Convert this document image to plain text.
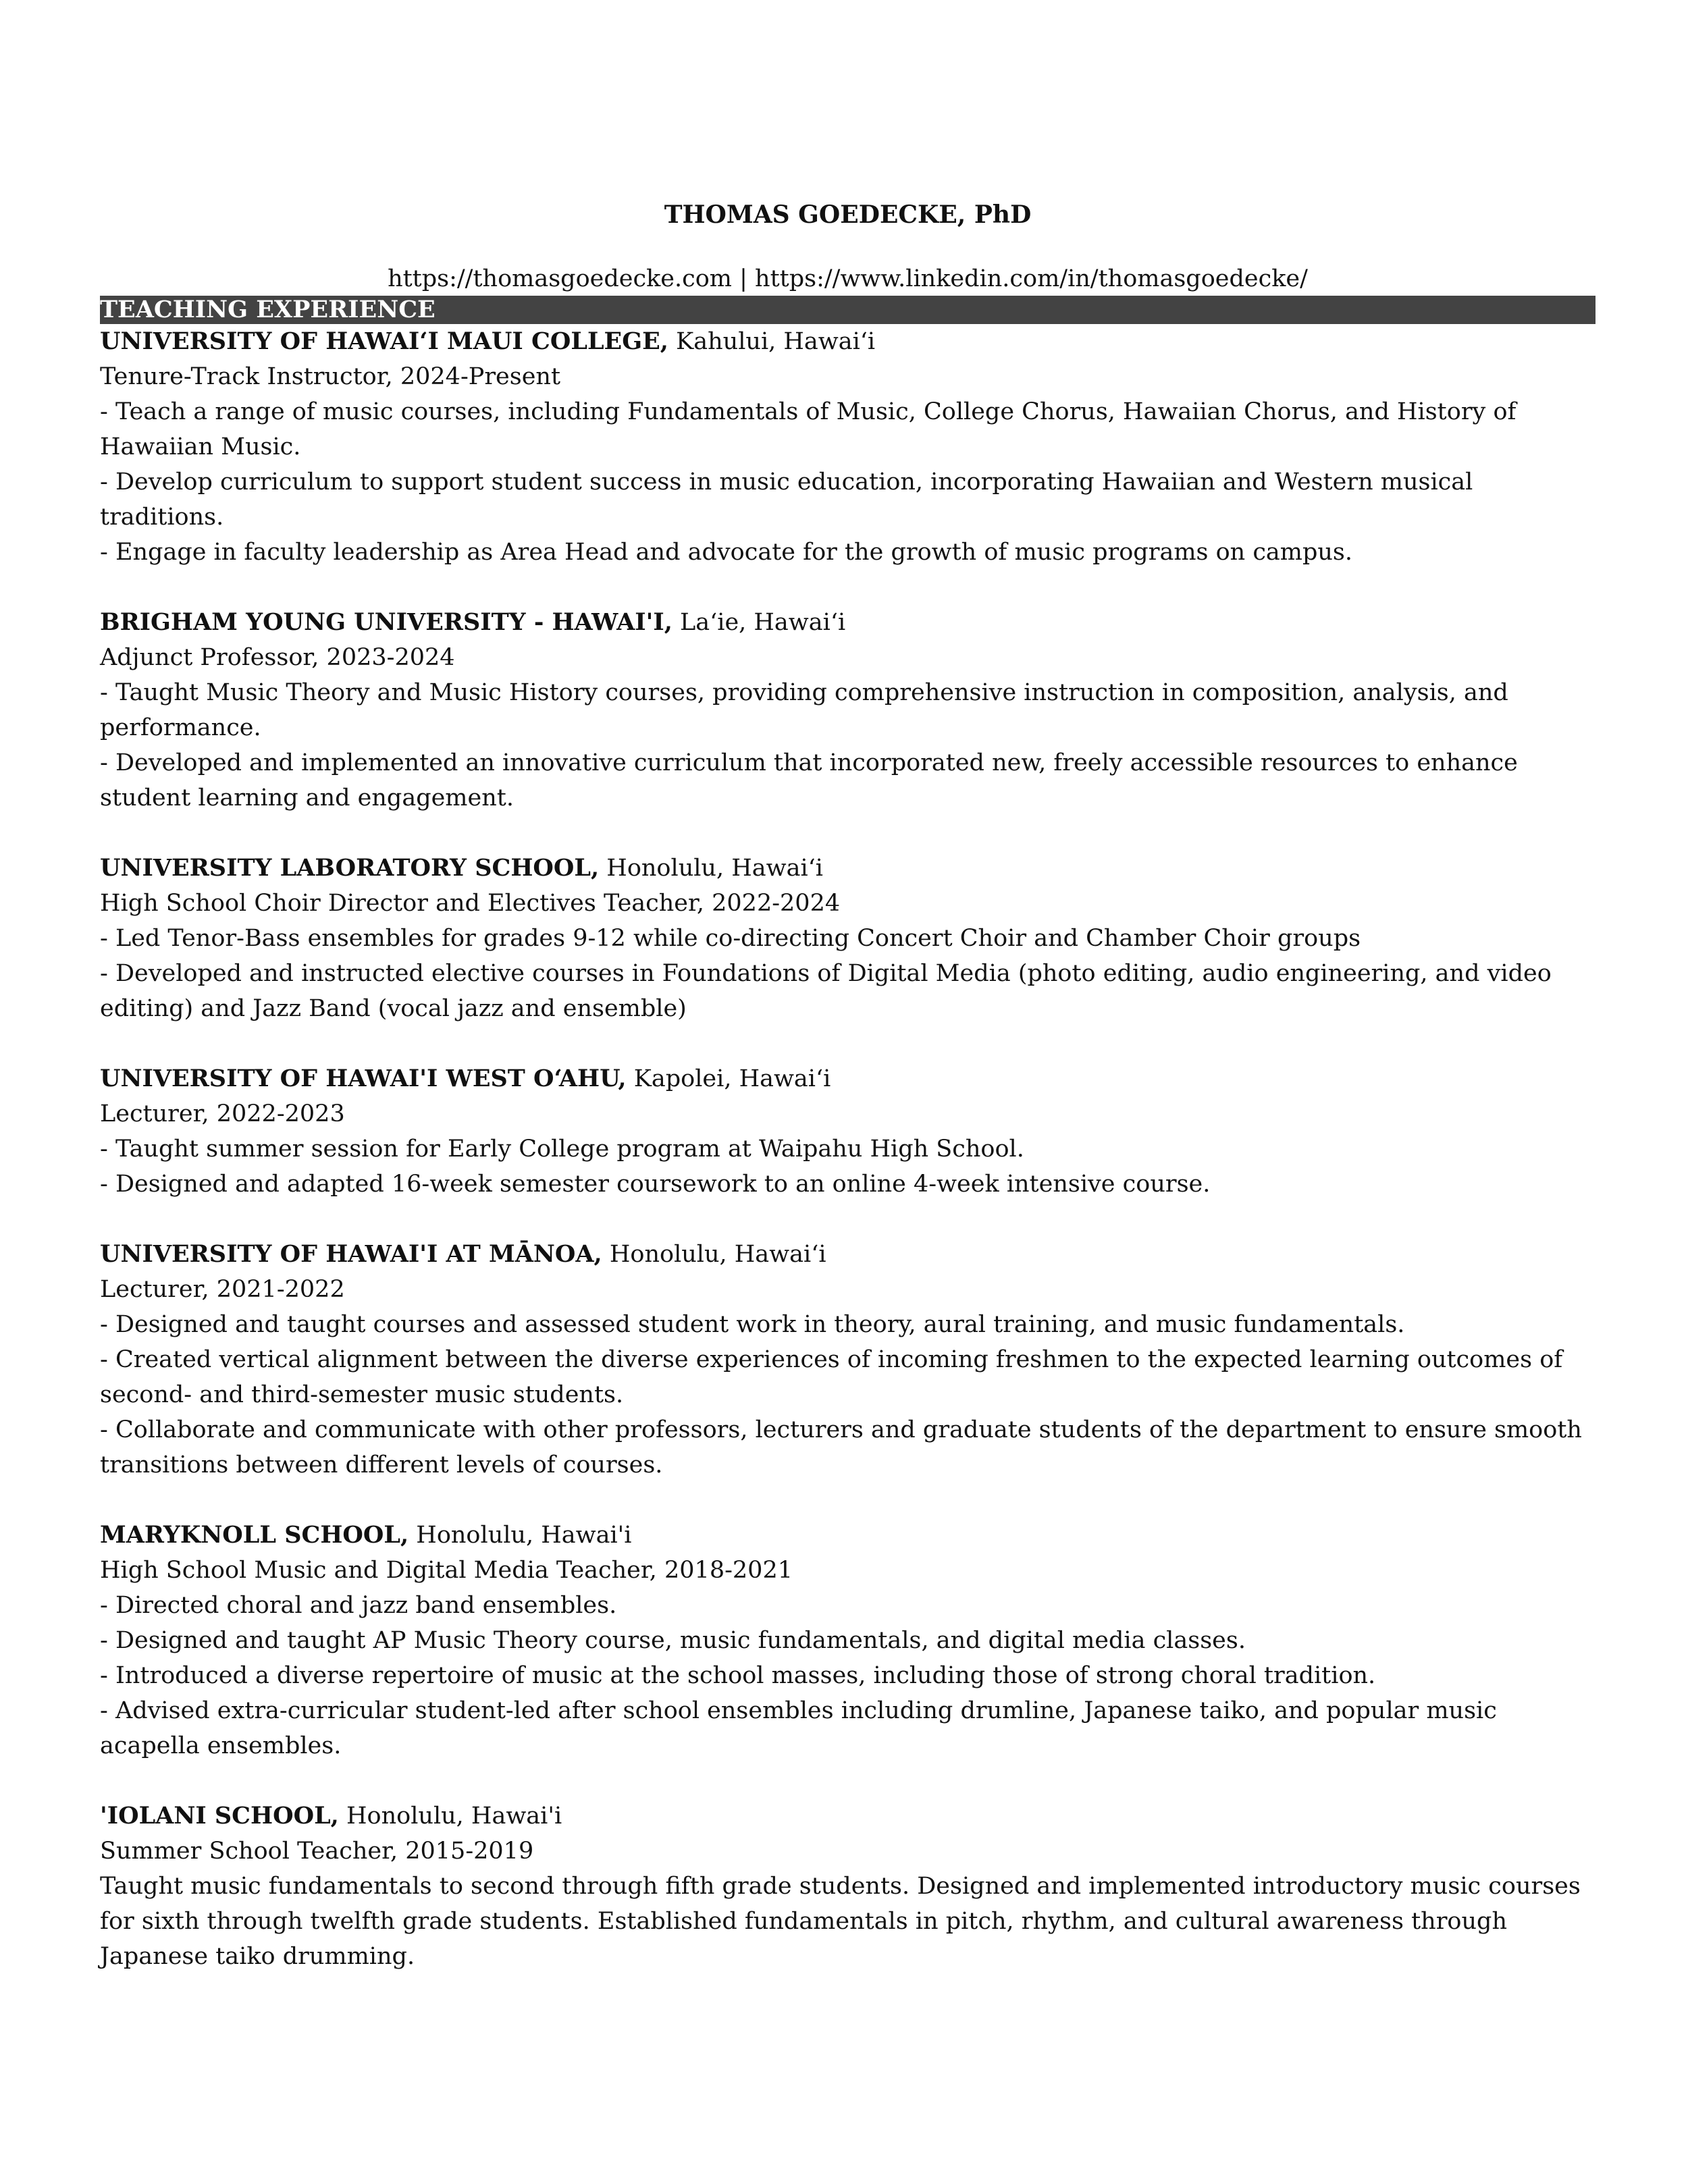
THOMAS GOEDECKE, PhD

https://thomasgoedecke.com | https://www.linkedin.com/in/thomasgoedecke/
TEACHING EXPERIENCE
UNIVERSITY OF HAWAIʻI MAUI COLLEGE, Kahului, Hawaiʻi
Tenure-Track Instructor, 2024-Present
- Teach a range of music courses, including Fundamentals of Music, College Chorus, Hawaiian Chorus, and History of Hawaiian Music.
- Develop curriculum to support student success in music education, incorporating Hawaiian and Western musical traditions.
- Engage in faculty leadership as Area Head and advocate for the growth of music programs on campus.
BRIGHAM YOUNG UNIVERSITY - HAWAI'I, Laʻie, Hawaiʻi
Adjunct Professor, 2023-2024
- Taught Music Theory and Music History courses, providing comprehensive instruction in composition, analysis, and performance.
- Developed and implemented an innovative curriculum that incorporated new, freely accessible resources to enhance student learning and engagement.
UNIVERSITY LABORATORY SCHOOL, Honolulu, Hawaiʻi
High School Choir Director and Electives Teacher, 2022-2024
- Led Tenor-Bass ensembles for grades 9-12 while co-directing Concert Choir and Chamber Choir groups
- Developed and instructed elective courses in Foundations of Digital Media (photo editing, audio engineering, and video editing) and Jazz Band (vocal jazz and ensemble)
UNIVERSITY OF HAWAI'I WEST OʻAHU, Kapolei, Hawaiʻi
Lecturer, 2022-2023
- Taught summer session for Early College program at Waipahu High School.
- Designed and adapted 16-week semester coursework to an online 4-week intensive course.
UNIVERSITY OF HAWAI'I AT MĀNOA, Honolulu, Hawaiʻi
Lecturer, 2021-2022
- Designed and taught courses and assessed student work in theory, aural training, and music fundamentals.
- Created vertical alignment between the diverse experiences of incoming freshmen to the expected learning outcomes of second- and third-semester music students.
- Collaborate and communicate with other professors, lecturers and graduate students of the department to ensure smooth transitions between different levels of courses.
MARYKNOLL SCHOOL, Honolulu, Hawai'i
High School Music and Digital Media Teacher, 2018-2021
- Directed choral and jazz band ensembles.
- Designed and taught AP Music Theory course, music fundamentals, and digital media classes.
- Introduced a diverse repertoire of music at the school masses, including those of strong choral tradition.
- Advised extra-curricular student-led after school ensembles including drumline, Japanese taiko, and popular music acapella ensembles.
'IOLANI SCHOOL, Honolulu, Hawai'i
Summer School Teacher, 2015-2019
Taught music fundamentals to second through fifth grade students. Designed and implemented introductory music courses for sixth through twelfth grade students. Established fundamentals in pitch, rhythm, and cultural awareness through Japanese taiko drumming.
